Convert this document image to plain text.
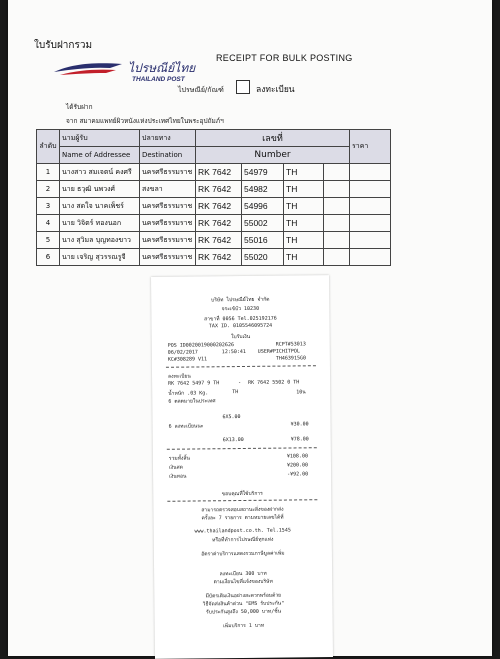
ใบรับฝากรวม
ไปรษณีย์ไทย
THAILAND POST
RECEIPT FOR BULK POSTING
ไปรษณีย์/กัณฑ์	ลงทะเบียน
ได้รับฝาก
จาก สมาคมแพทย์ผิวหนังแห่งประเทศไทยในพระอุปถัมภ์ฯ
ลำดับ	นามผู้รับ	ปลายทาง	เลขที่				ราคา
	Name of Addressee	Destination	Number				
1	นางสาว สมเจตน์ คงศรี	นครศรีธรรมราช	RK 7642	54979	TH		
2	นาย ธวุฒิ นพวงศ์	สงขลา	RK 7642	54982	TH		
3	นาง สดใจ นาคเพ็ชร์	นครศรีธรรมราช	RK 7642	54996	TH		
4	นาย วิจิตร์ ทองนอก	นครศรีธรรมราช	RK 7642	55002	TH		
5	นาง สุวิมล บุญทองขาว	นครศรีธรรมราช	RK 7642	55016	TH		
6	นาย เจริญ สุวรรณรูจี	นครศรีธรรมราช	RK 7642	55020	TH		
บริษัท ไปรษณีย์ไทย จำกัด
จระเข้บัว 10230
สาขาที่ 0056 Tel.025192176
TAX ID. 0105546095724
ใบรับเงิน
POS ID0020019000202626	RCPT#53013
06/02/2017	12:50:41 USER#PICHITPOL
KC#308289 V11	TH463915G0
ลงทะเบียน
RK 7642 5497 9 TH	- RK 7642 5502 0 TH
น้ำหนัก .03 Kg.	TH	10น
6 ตลตมายในประเทศ
6X5.00
6 ลงทะเบียนนะ	¥30.00
6X13.00	¥78.00
รวมทั้งสิ้น	¥108.00
เงินสด	¥200.00
เงินทอน	-¥92.00
ขอบคุณที่ใช้บริการ
สามารถตรวจสอบสถานะสิ่งของฝากส่ง
ครั้งละ 7 รายการ ตามหมายเลขได้ที่
www.thailandpost.co.th. Tel.1545
หรือที่ทำการไปรษณีย์ทุกแห่ง
อัตราค่าบริการแสดงรวมภาษีมูลค่าเพิ่ม
ลงทะเบียน 300 บาท
ตามเงื่อนไขที่แจ้งของบริษัท
มีบัตรเติมเงินอย่างสะดวกพร้อมด้วย
วิธีจัดส่งสินค้าด่วน "EMS รับประกัน"
รับประกันสูงถึง 50,000 บาท/ชิ้น
เพิ่มบริการ 1 บาท
